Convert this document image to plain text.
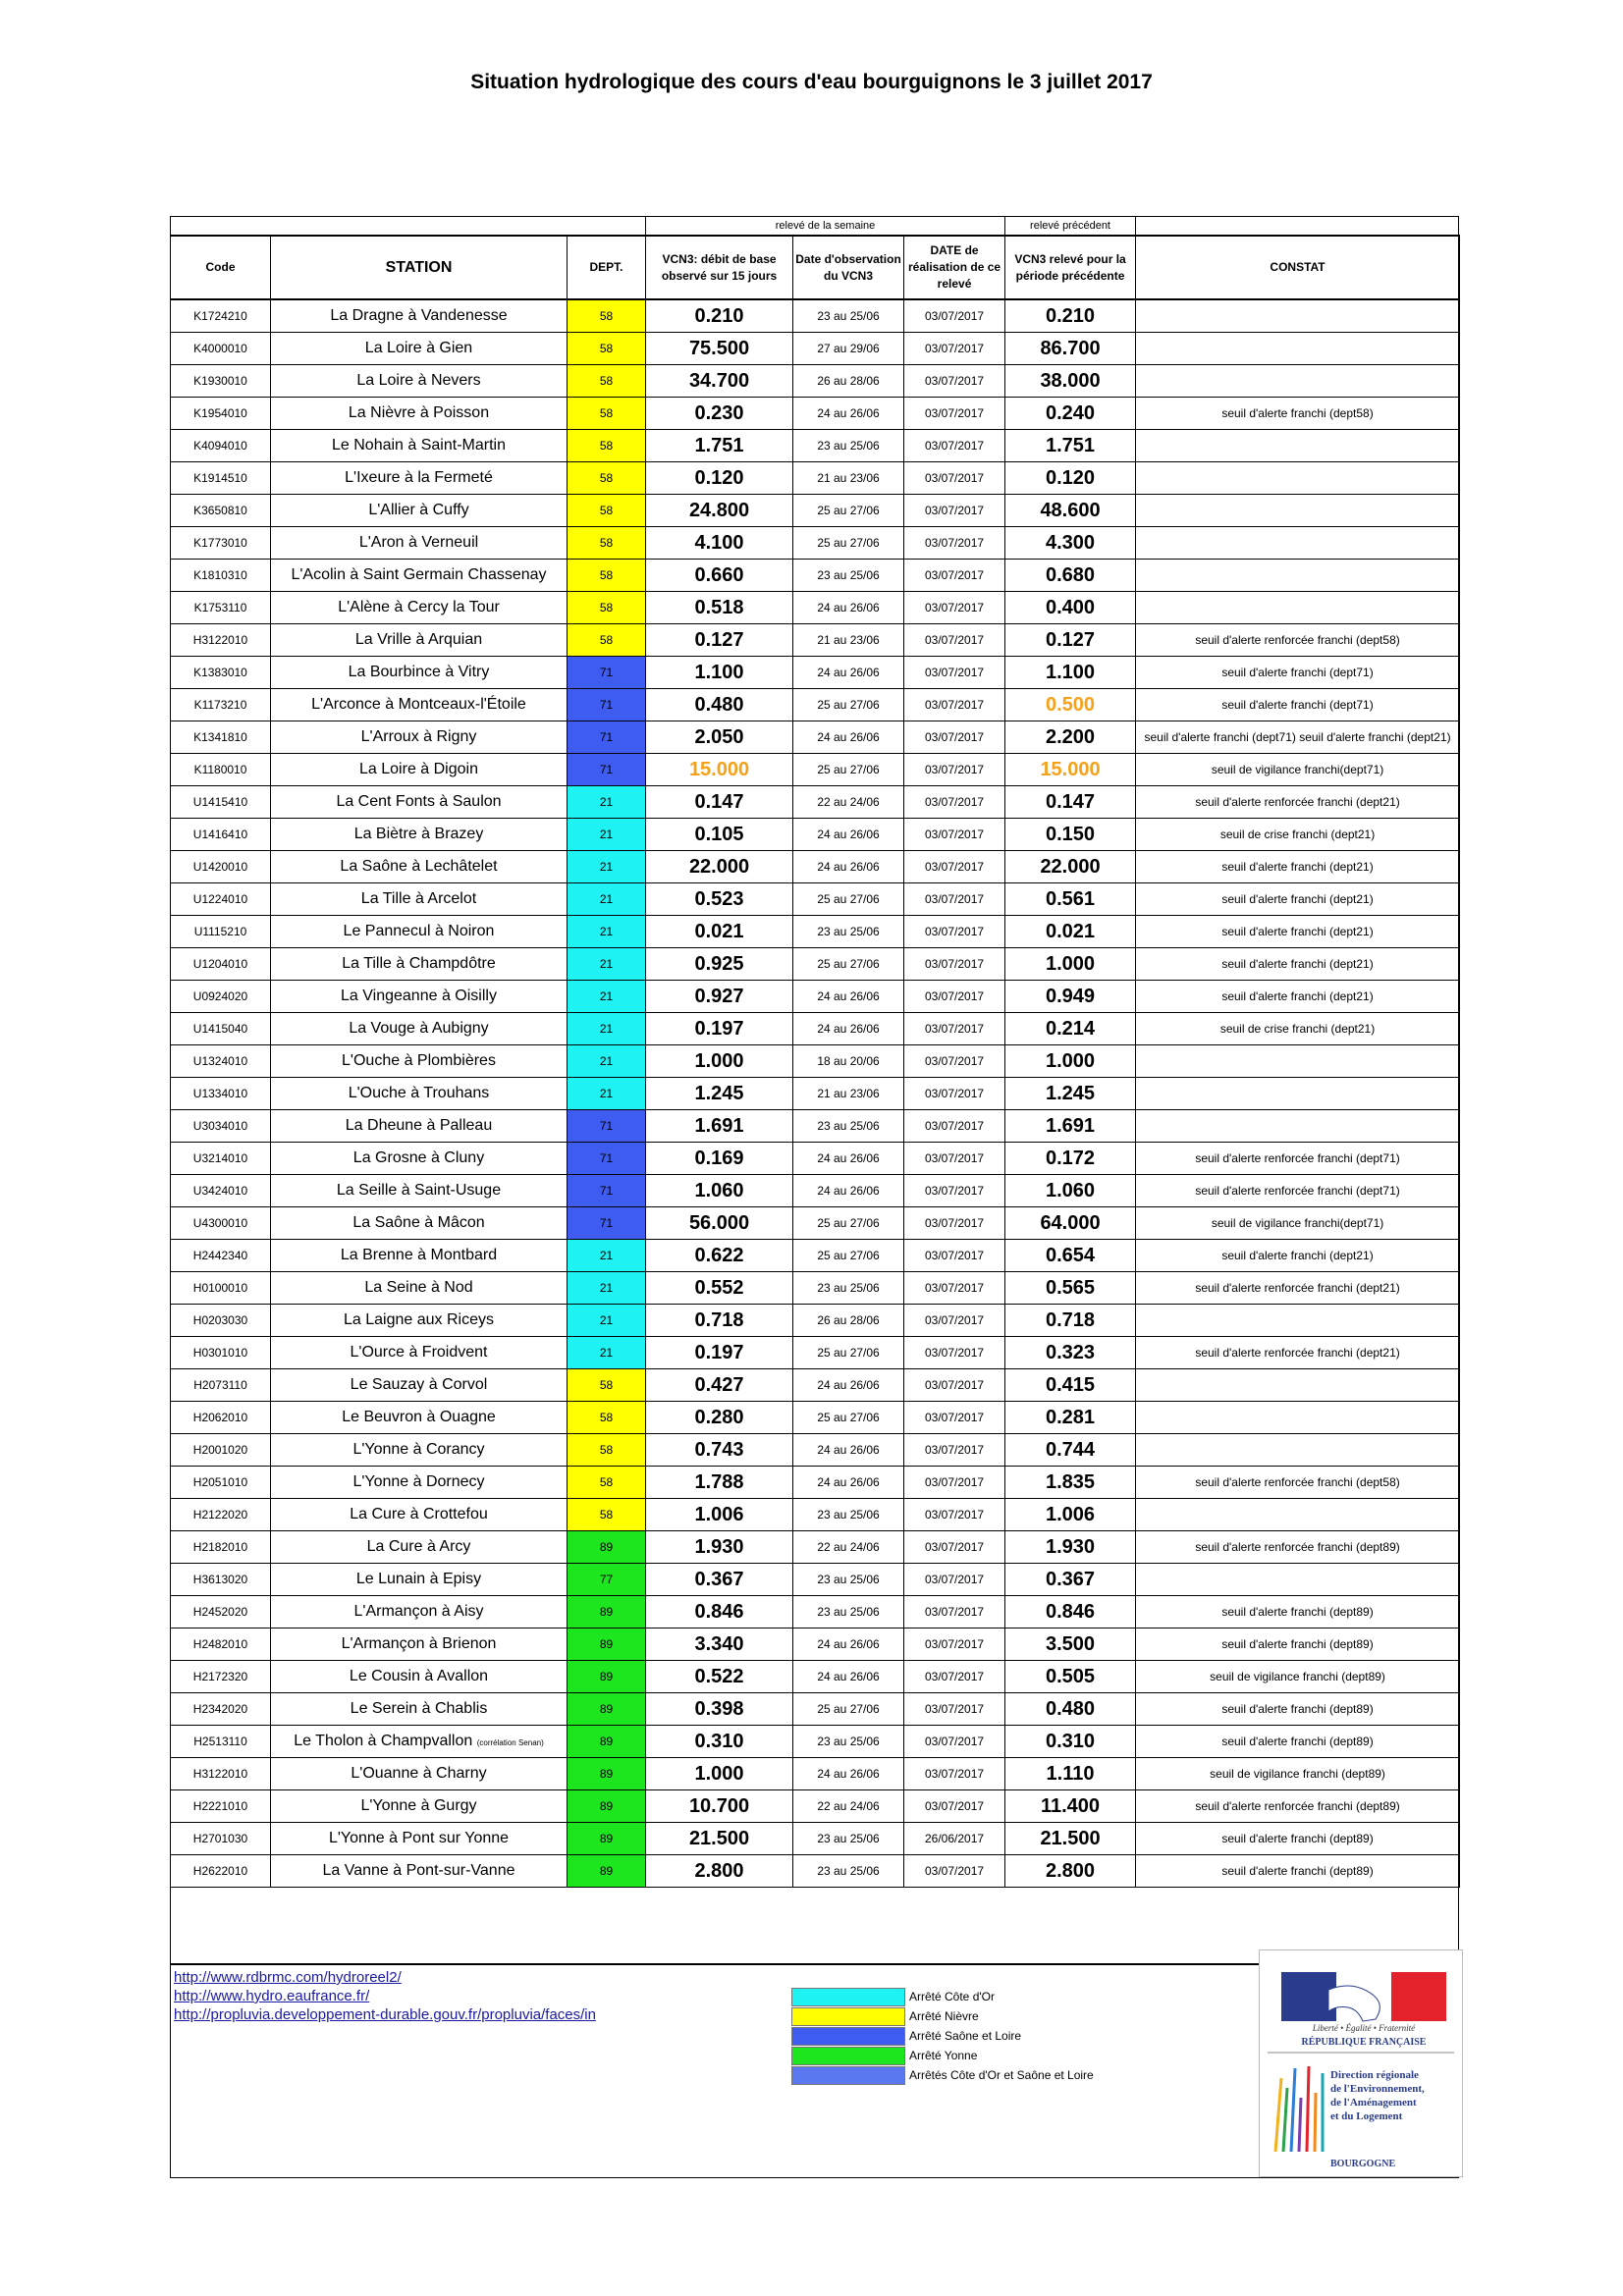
Situation hydrologique des cours d'eau bourguignons le 3 juillet 2017
			relevé de la semaine			relevé précédent	
Code	STATION	DEPT.	VCN3: débit de base observé sur 15 jours	Date d'observation du VCN3	DATE de réalisation de ce relevé	VCN3 relevé pour la période précédente	CONSTAT
K1724210	La Dragne à Vandenesse	58	0.210	23 au 25/06	03/07/2017	0.210	
K4000010	La Loire à Gien	58	75.500	27 au 29/06	03/07/2017	86.700	
K1930010	La Loire à Nevers	58	34.700	26 au 28/06	03/07/2017	38.000	
K1954010	La Nièvre à Poisson	58	0.230	24 au 26/06	03/07/2017	0.240	seuil d'alerte franchi (dept58)
K4094010	Le Nohain à Saint-Martin	58	1.751	23 au 25/06	03/07/2017	1.751	
K1914510	L'Ixeure à la Fermeté	58	0.120	21 au 23/06	03/07/2017	0.120	
K3650810	L'Allier à Cuffy	58	24.800	25 au 27/06	03/07/2017	48.600	
K1773010	L'Aron à Verneuil	58	4.100	25 au 27/06	03/07/2017	4.300	
K1810310	L'Acolin à Saint Germain Chassenay	58	0.660	23 au 25/06	03/07/2017	0.680	
K1753110	L'Alène à Cercy la Tour	58	0.518	24 au 26/06	03/07/2017	0.400	
H3122010	La Vrille à Arquian	58	0.127	21 au 23/06	03/07/2017	0.127	seuil d'alerte renforcée franchi (dept58)
K1383010	La Bourbince à Vitry	71	1.100	24 au 26/06	03/07/2017	1.100	seuil d'alerte franchi (dept71)
K1173210	L'Arconce à Montceaux-l'Étoile	71	0.480	25 au 27/06	03/07/2017	0.500	seuil d'alerte franchi (dept71)
K1341810	L'Arroux à Rigny	71	2.050	24 au 26/06	03/07/2017	2.200	seuil d'alerte franchi (dept71) seuil d'alerte franchi (dept21)
K1180010	La Loire à Digoin	71	15.000	25 au 27/06	03/07/2017	15.000	seuil de vigilance franchi(dept71)
U1415410	La Cent Fonts à Saulon	21	0.147	22 au 24/06	03/07/2017	0.147	seuil d'alerte renforcée franchi (dept21)
U1416410	La Biètre à Brazey	21	0.105	24 au 26/06	03/07/2017	0.150	seuil de crise franchi (dept21)
U1420010	La Saône à Lechâtelet	21	22.000	24 au 26/06	03/07/2017	22.000	seuil d'alerte franchi (dept21)
U1224010	La Tille à Arcelot	21	0.523	25 au 27/06	03/07/2017	0.561	seuil d'alerte franchi (dept21)
U1115210	Le Pannecul à Noiron	21	0.021	23 au 25/06	03/07/2017	0.021	seuil d'alerte franchi (dept21)
U1204010	La Tille à Champdôtre	21	0.925	25 au 27/06	03/07/2017	1.000	seuil d'alerte franchi (dept21)
U0924020	La Vingeanne à Oisilly	21	0.927	24 au 26/06	03/07/2017	0.949	seuil d'alerte franchi (dept21)
U1415040	La Vouge à Aubigny	21	0.197	24 au 26/06	03/07/2017	0.214	seuil de crise franchi (dept21)
U1324010	L'Ouche à Plombières	21	1.000	18 au 20/06	03/07/2017	1.000	
U1334010	L'Ouche à Trouhans	21	1.245	21 au 23/06	03/07/2017	1.245	
U3034010	La Dheune à Palleau	71	1.691	23 au 25/06	03/07/2017	1.691	
U3214010	La Grosne à Cluny	71	0.169	24 au 26/06	03/07/2017	0.172	seuil d'alerte renforcée franchi (dept71)
U3424010	La Seille à Saint-Usuge	71	1.060	24 au 26/06	03/07/2017	1.060	seuil d'alerte renforcée franchi (dept71)
U4300010	La Saône à Mâcon	71	56.000	25 au 27/06	03/07/2017	64.000	seuil de vigilance franchi(dept71)
H2442340	La Brenne à Montbard	21	0.622	25 au 27/06	03/07/2017	0.654	seuil d'alerte franchi (dept21)
H0100010	La Seine à Nod	21	0.552	23 au 25/06	03/07/2017	0.565	seuil d'alerte renforcée franchi (dept21)
H0203030	La Laigne aux Riceys	21	0.718	26 au 28/06	03/07/2017	0.718	
H0301010	L'Ource à Froidvent	21	0.197	25 au 27/06	03/07/2017	0.323	seuil d'alerte renforcée franchi (dept21)
H2073110	Le Sauzay à Corvol	58	0.427	24 au 26/06	03/07/2017	0.415	
H2062010	Le Beuvron à Ouagne	58	0.280	25 au 27/06	03/07/2017	0.281	
H2001020	L'Yonne à Corancy	58	0.743	24 au 26/06	03/07/2017	0.744	
H2051010	L'Yonne à Dornecy	58	1.788	24 au 26/06	03/07/2017	1.835	seuil d'alerte renforcée franchi (dept58)
H2122020	La Cure à Crottefou	58	1.006	23 au 25/06	03/07/2017	1.006	
H2182010	La Cure à Arcy	89	1.930	22 au 24/06	03/07/2017	1.930	seuil d'alerte renforcée franchi (dept89)
H3613020	Le Lunain à Episy	77	0.367	23 au 25/06	03/07/2017	0.367	
H2452020	L'Armançon à Aisy	89	0.846	23 au 25/06	03/07/2017	0.846	seuil d'alerte franchi (dept89)
H2482010	L'Armançon à Brienon	89	3.340	24 au 26/06	03/07/2017	3.500	seuil d'alerte franchi (dept89)
H2172320	Le Cousin à Avallon	89	0.522	24 au 26/06	03/07/2017	0.505	seuil de vigilance franchi (dept89)
H2342020	Le Serein à Chablis	89	0.398	25 au 27/06	03/07/2017	0.480	seuil d'alerte franchi (dept89)
H2513110	Le Tholon à Champvallon (corrélation Senan)	89	0.310	23 au 25/06	03/07/2017	0.310	seuil d'alerte franchi (dept89)
H3122010	L'Ouanne à Charny	89	1.000	24 au 26/06	03/07/2017	1.110	seuil de vigilance franchi (dept89)
H2221010	L'Yonne à Gurgy	89	10.700	22 au 24/06	03/07/2017	11.400	seuil d'alerte renforcée franchi (dept89)
H2701030	L'Yonne à Pont sur Yonne	89	21.500	23 au 25/06	26/06/2017	21.500	seuil d'alerte franchi (dept89)
H2622010	La Vanne à Pont-sur-Vanne	89	2.800	23 au 25/06	03/07/2017	2.800	seuil d'alerte franchi (dept89)
http://www.rdbrmc.com/hydroreel2/
http://www.hydro.eaufrance.fr/
http://propluvia.developpement-durable.gouv.fr/propluvia/faces/in
Arrêté Côte d'Or
Arrêté Nièvre
Arrêté Saône et Loire
Arrêté Yonne
Arrêtés Côte d'Or et Saône et Loire
Liberté • Égalité • Fraternité
RÉPUBLIQUE FRANÇAISE
Direction régionale
de l'Environnement,
de l'Aménagement
et du Logement
BOURGOGNE
